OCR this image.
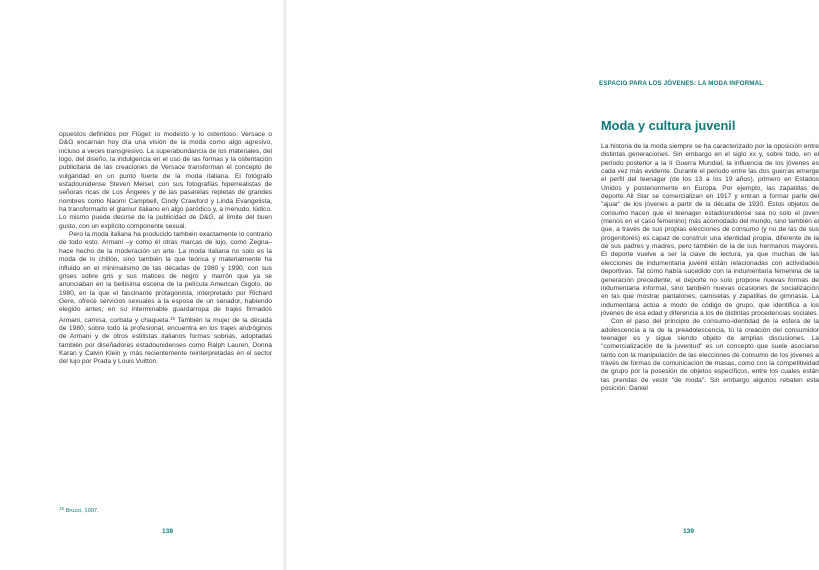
opuestos definidos por Flügel: lo modesto y lo ostentoso. Versace o D&G encarnan hoy día una visión de la moda como algo agresivo, incluso a veces transgresivo. La superabundancia de los materiales, del logo, del diseño, la indulgencia en el uso de las formas y la ostentación publicitaria de las creaciones de Versace transforman el concepto de vulgaridad en un punto fuerte de la moda italiana. El fotógrafo estadounidense Steven Meisel, con sus fotografías hiperrealistas de señoras ricas de Los Ángeles y de las pasarelas repletas de grandes nombres como Naomi Campbell, Cindy Crawford y Linda Evangelista, ha transformado el glamur italiano en algo paródico y, a menudo, lúdico. Lo mismo puede decirse de la publicidad de D&G, al límite del buen gusto, con un explícito componente sexual.

Pero la moda italiana ha producido también exactamente lo contrario de todo esto. Armani –y como él otras marcas de lujo, como Zegna– hace hecho de la moderación un arte. La moda italiana no solo es la moda de lo chillón, sino también la que teórica y materialmente ha influido en el minimalismo de las décadas de 1980 y 1990, con sus grises sobre gris y sus matices de negro y marrón que ya se anunciaban en la bellísima escena de la película American Gigolo, de 1980, en la que el fascinante protagonista, interpretado por Richard Gere, ofrece servicios sexuales a la esposa de un senador, habiendo elegido antes, en su interminable guardarropa de trajes firmados Armani, camisa, corbata y chaqueta.$^{15}$ También la mujer de la década de 1980, sobre todo la profesional, encuentra en los trajes andróginos de Armani y de otros estilistas italianos formas sobrias, adoptadas también por diseñadores estadounidenses como Ralph Lauren, Donna Karan y Calvin Klein y, más recientemente reinterpretadas en el sector del lujo por Prada y Louis Vuitton.

$^{15}$ Bruzzi, 1997.
138
ESPACIO PARA LOS JÓVENES: LA MODA INFORMAL
Moda y cultura juvenil

La historia de la moda siempre se ha caracterizado por la oposición entre distintas generaciones. Sin embargo en el siglo xx y, sobre todo, en el período posterior a la II Guerra Mundial, la influencia de los jóvenes es cada vez más evidente. Durante el periodo entre las dos guerras emerge el perfil del teenager (de los 13 a los 19 años), primero en Estados Unidos y posteriormente en Europa. Por ejemplo, las zapatillas de deporte All Star se comercializan en 1917 y entran a formar parte del "ajuar" de los jóvenes a partir de la década de 1930. Estos objetos de consumo hacen que el teenager estadounidense sea no solo el joven (menos en el caso femenino) más acomodado del mundo, sino también el que, a través de sus propias elecciones de consumo (y no de las de sus progenitores) es capaz de construir una identidad propia, diferente de la de sus padres y madres, pero también de la de sus hermanos mayores. El deporte vuelve a ser la clave de lectura, ya que muchas de las elecciones de indumentaria juvenil están relacionadas con actividades deportivas. Tal como había sucedido con la indumentaria femenina de la generación precedente, el deporte no solo propone nuevas formas de indumentaria informal, sino también nuevas ocasiones de socialización en las que mostrar pantalones, camisetas y zapatillas de gimnasia. La indumentaria actúa a modo de código de grupo, que identifica a los jóvenes de esa edad y diferencia a los de distintas procedencias sociales.

Con el paso del principio de consumo-identidad de la esfera de la adolescencia a la de la preadolescencia, tú la creación del consumidor teenager es y sigue siendo objeto de amplias discusiones. La "comercialización de la juventud" es un concepto que suele asociarse tanto con la manipulación de las elecciones de consumo de los jóvenes a través de formas de comunicación de masas, como con la competitividad de grupo por la posesión de objetos específicos, entre los cuales están las prendas de vestir "de moda". Sin embargo algunos rebaten esta posición: Daniel

139
